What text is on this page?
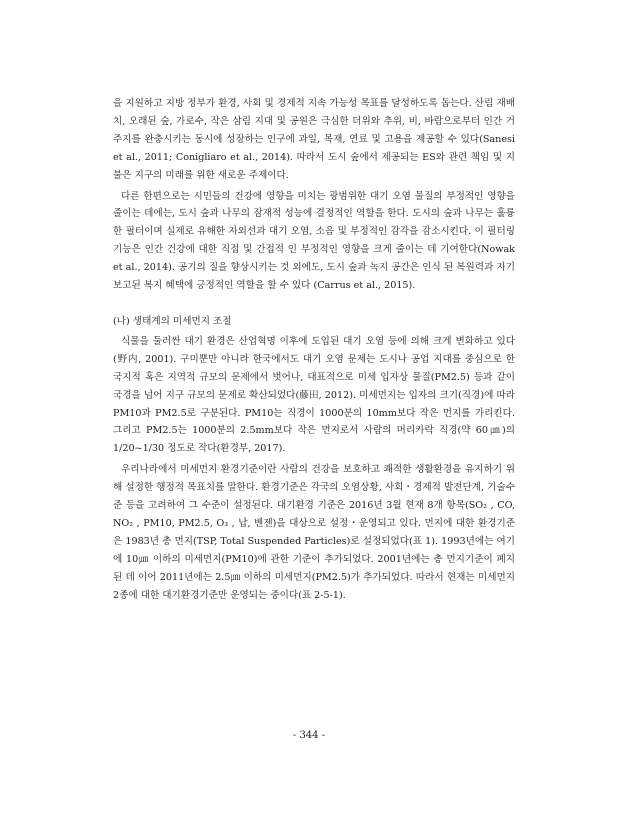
을 지원하고 지방 정부가 환경, 사회 및 경제적 지속 가능성 목표를 달성하도록 돕는다. 산림 재배치, 오래된 숲, 가로수, 작은 삼림 지대 및 공원은 극심한 더위와 추위, 비, 바람으로부터 인간 거주지를 완충시키는 동시에 성장하는 인구에 과일, 목재, 연료 및 고용을 제공할 수 있다(Sanesi et al., 2011; Conigliaro et al., 2014). 따라서 도시 숲에서 제공되는 ES와 관련 책임 및 지불은 지구의 미래를 위한 새로운 주제이다.

다른 한편으로는 시민들의 건강에 영향을 미치는 광범위한 대기 오염 물질의 부정적인 영향을 줄이는 데에는, 도시 숲과 나무의 잠재적 성능에 결정적인 역할을 한다. 도시의 숲과 나무는 훌륭한 필터이며 실제로 유해한 자외선과 대기 오염, 소음 및 부정적인 감각을 감소시킨다. 이 필터링 기능은 인간 건강에 대한 직접 및 간접적 인 부정적인 영향을 크게 줄이는 데 기여한다(Nowak et al., 2014). 공기의 질을 향상시키는 것 외에도, 도시 숲과 녹지 공간은 인식 된 복원력과 자기 보고된 복지 혜택에 긍정적인 역할을 할 수 있다 (Carrus et al., 2015).

(나) 생태계의 미세먼지 조절

식물을 둘러싼 대기 환경은 산업혁명 이후에 도입된 대기 오염 등에 의해 크게 변화하고 있다(野内, 2001). 구미뿐만 아니라 한국에서도 대기 오염 문제는 도시나 공업 지대를 중심으로 한 국지적 혹은 지역적 규모의 문제에서 벗어나, 대표적으로 미세 입자상 물질(PM2.5) 등과 같이 국경을 넘어 지구 규모의 문제로 확산되었다(藤田, 2012). 미세먼지는 입자의 크기(직경)에 따라 PM10과 PM2.5로 구분된다. PM10는 직경이 1000분의 10mm보다 작은 먼지를 가리킨다. 그리고 PM2.5는 1000분의 2.5mm보다 작은 먼지로서 사람의 머리카락 직경(약 60㎛)의 1/20~1/30 정도로 작다(환경부, 2017).

우리나라에서 미세먼지 환경기준이란 사람의 건강을 보호하고 쾌적한 생활환경을 유지하기 위해 설정한 행정적 목표치를 말한다. 환경기준은 각국의 오염상황, 사회・경제적 발전단계, 기술수준 등을 고려하여 그 수준이 설정된다. 대기환경 기준은 2016년 3월 현재 8개 항목(SO₂ , CO, NO₂ , PM10, PM2.5, O₃ , 납, 벤젠)을 대상으로 설정・운영되고 있다. 먼지에 대한 환경기준은 1983년 총 먼지(TSP, Total Suspended Particles)로 설정되었다(표 1). 1993년에는 여기에 10㎛ 이하의 미세먼지(PM10)에 관한 기준이 추가되었다. 2001년에는 총 먼지기준이 폐지된 데 이어 2011년에는 2.5㎛ 이하의 미세먼지(PM2.5)가 추가되었다. 따라서 현재는 미세먼지 2종에 대한 대기환경기준만 운영되는 중이다(표 2-5-1).

- 344 -
